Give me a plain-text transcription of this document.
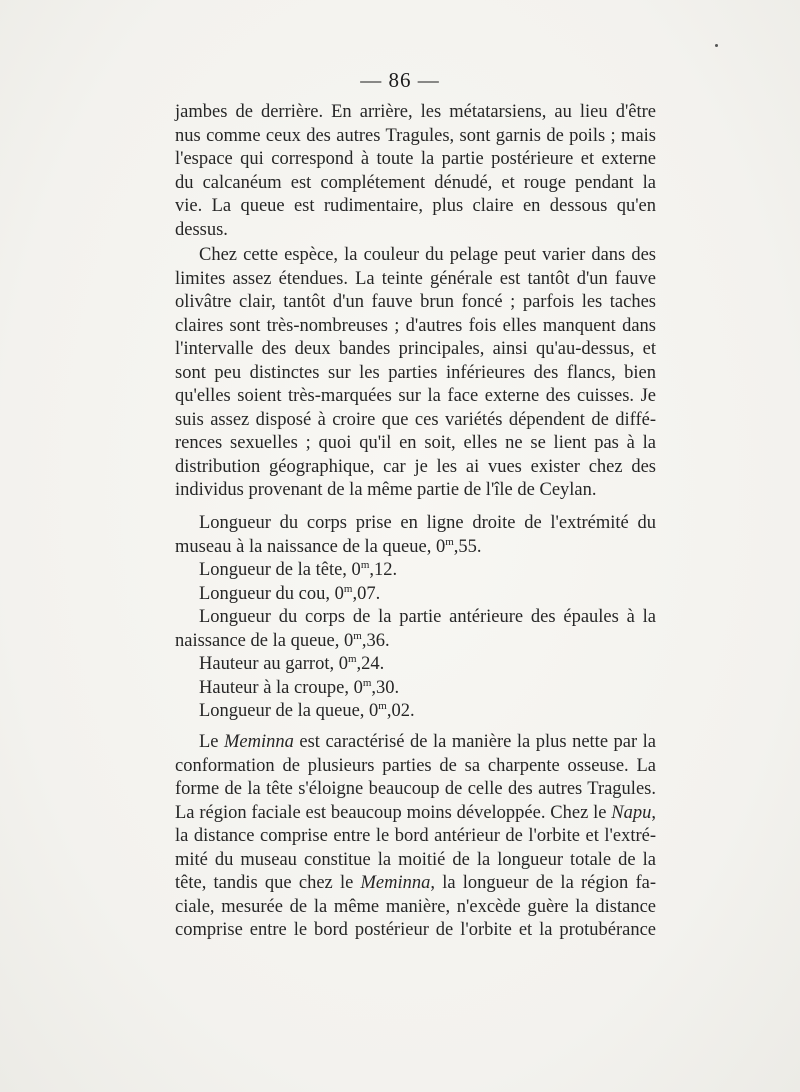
— 86 —
jambes de derrière. En arrière, les métatarsiens, au lieu d'être
nus comme ceux des autres Tragules, sont garnis de poils ; mais
l'espace qui correspond à toute la partie postérieure et externe
du calcanéum est complétement dénudé, et rouge pendant la
vie. La queue est rudimentaire, plus claire en dessous qu'en
dessus.
Chez cette espèce, la couleur du pelage peut varier dans des
limites assez étendues. La teinte générale est tantôt d'un fauve
olivâtre clair, tantôt d'un fauve brun foncé ; parfois les taches
claires sont très-nombreuses ; d'autres fois elles manquent dans
l'intervalle des deux bandes principales, ainsi qu'au-dessus, et
sont peu distinctes sur les parties inférieures des flancs, bien
qu'elles soient très-marquées sur la face externe des cuisses. Je
suis assez disposé à croire que ces variétés dépendent de diffé-
rences sexuelles ; quoi qu'il en soit, elles ne se lient pas à la
distribution géographique, car je les ai vues exister chez des
individus provenant de la même partie de l'île de Ceylan.
Longueur du corps prise en ligne droite de l'extrémité du
museau à la naissance de la queue, 0$^m$,55.
Longueur de la tête, 0$^m$,12.
Longueur du cou, 0$^m$,07.
Longueur du corps de la partie antérieure des épaules à la
naissance de la queue, 0$^m$,36.
Hauteur au garrot, 0$^m$,24.
Hauteur à la croupe, 0$^m$,30.
Longueur de la queue, 0$^m$,02.
Le Meminna est caractérisé de la manière la plus nette par la
conformation de plusieurs parties de sa charpente osseuse. La
forme de la tête s'éloigne beaucoup de celle des autres Tragules.
La région faciale est beaucoup moins développée. Chez le Napu,
la distance comprise entre le bord antérieur de l'orbite et l'extré-
mité du museau constitue la moitié de la longueur totale de la
tête, tandis que chez le Meminna, la longueur de la région fa-
ciale, mesurée de la même manière, n'excède guère la distance
comprise entre le bord postérieur de l'orbite et la protubérance
